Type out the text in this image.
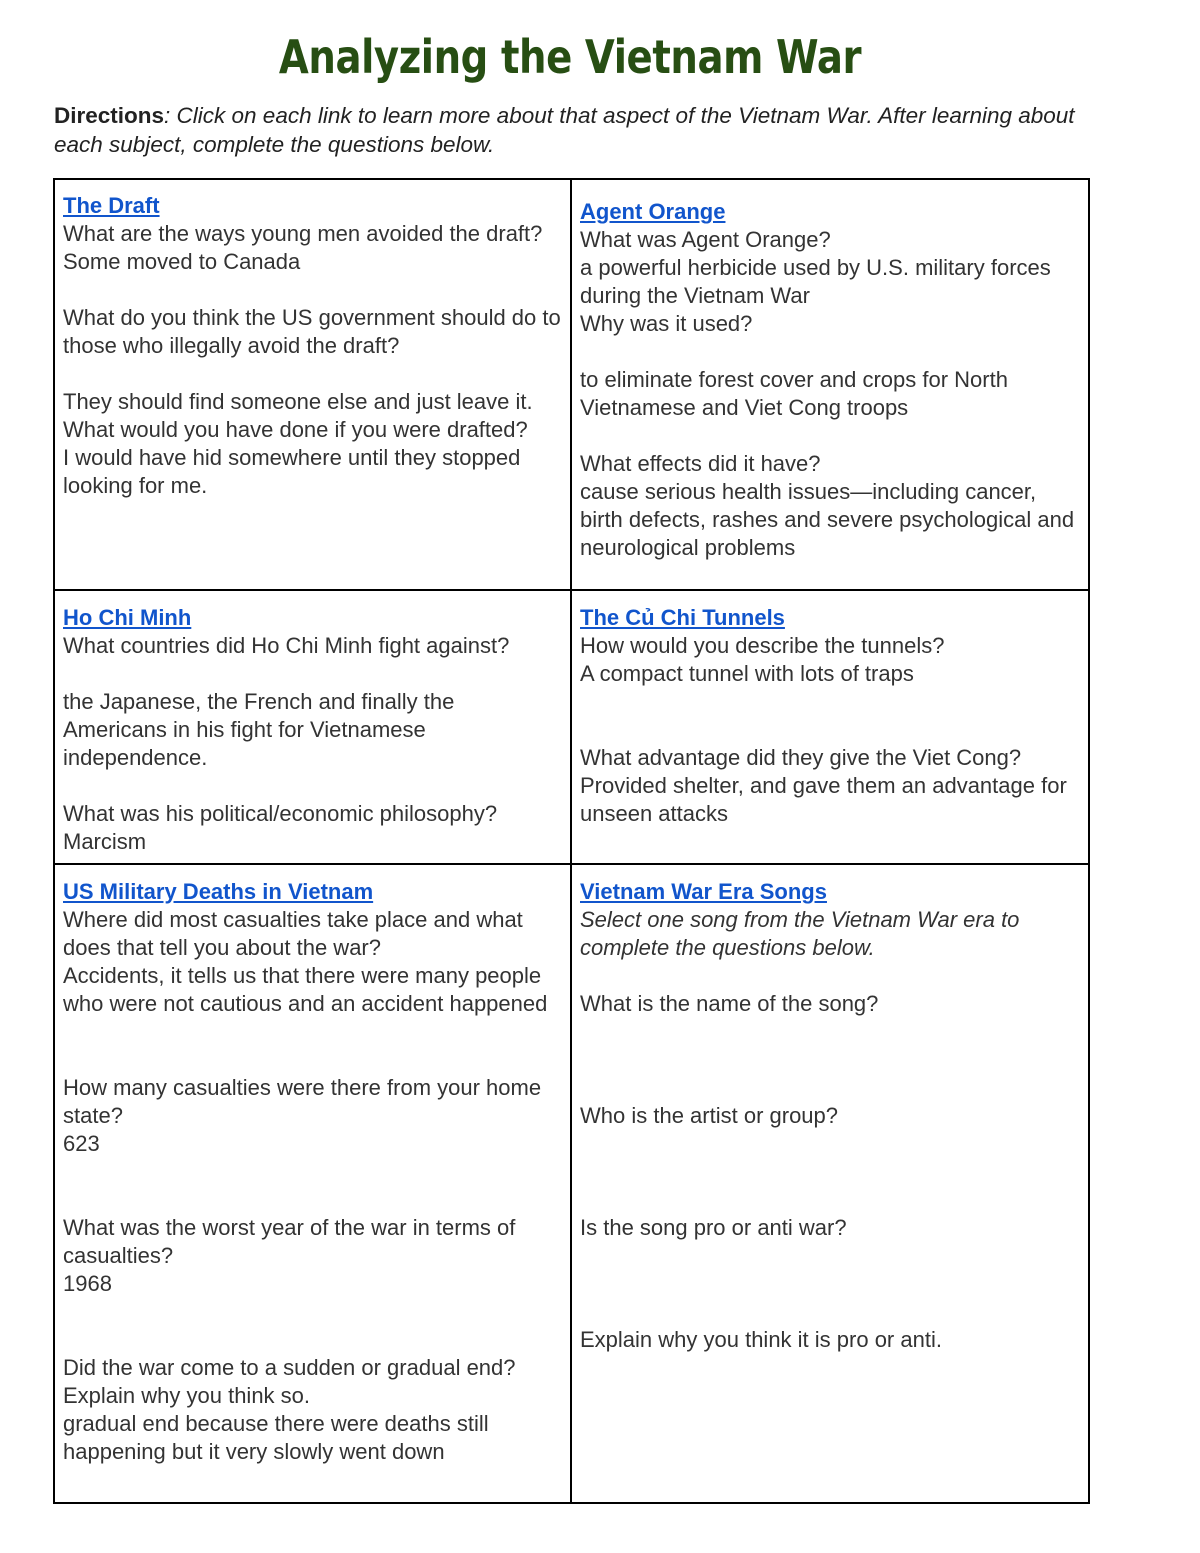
Analyzing the Vietnam War
Directions: Click on each link to learn more about that aspect of the Vietnam War. After learning about each subject, complete the questions below.
The Draft
What are the ways young men avoided the draft?
Some moved to Canada
What do you think the US government should do to those who illegally avoid the draft?
They should find someone else and just leave it.
What would you have done if you were drafted?
I would have hid somewhere until they stopped looking for me.
Agent Orange
What was Agent Orange?
a powerful herbicide used by U.S. military forces during the Vietnam War
Why was it used?
to eliminate forest cover and crops for North Vietnamese and Viet Cong troops
What effects did it have?
cause serious health issues—including cancer, birth defects, rashes and severe psychological and neurological problems
Ho Chi Minh
What countries did Ho Chi Minh fight against?
the Japanese, the French and finally the Americans in his fight for Vietnamese independence.
What was his political/economic philosophy?
Marcism
The Củ Chi Tunnels
How would you describe the tunnels?
A compact tunnel with lots of traps
What advantage did they give the Viet Cong?
Provided shelter, and gave them an advantage for unseen attacks
US Military Deaths in Vietnam
Where did most casualties take place and what does that tell you about the war?
Accidents, it tells us that there were many people who were not cautious and an accident happened
How many casualties were there from your home state?
623
What was the worst year of the war in terms of casualties?
1968
Did the war come to a sudden or gradual end? Explain why you think so.
gradual end because there were deaths still happening but it very slowly went down
Vietnam War Era Songs
Select one song from the Vietnam War era to complete the questions below.
What is the name of the song?
Who is the artist or group?
Is the song pro or anti war?
Explain why you think it is pro or anti.
